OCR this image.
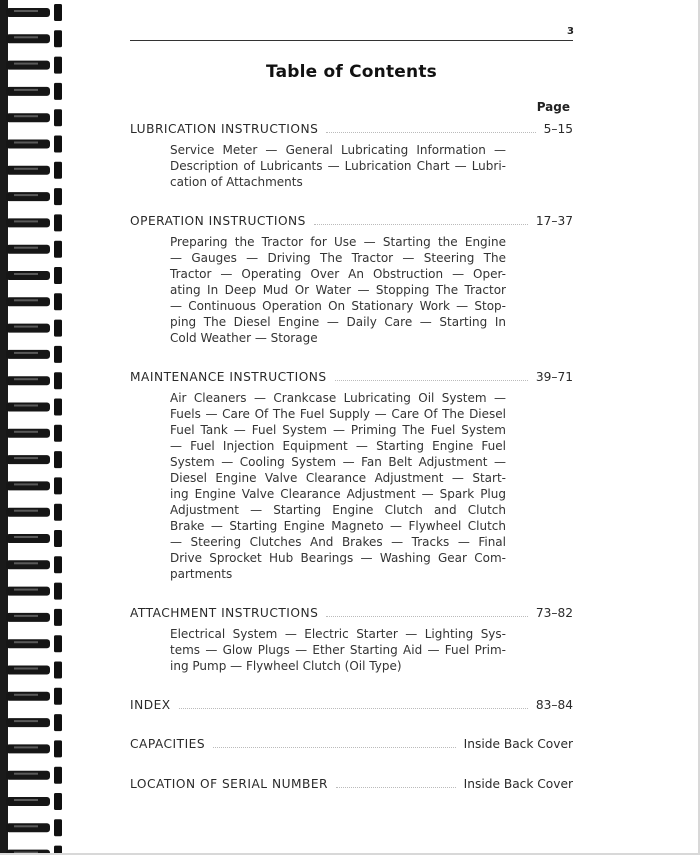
3
Table of Contents
Page
LUBRICATION INSTRUCTIONS	5–15
Service Meter — General Lubricating Information —
Description of Lubricants — Lubrication Chart — Lubri-
cation of Attachments
OPERATION INSTRUCTIONS	17–37
Preparing the Tractor for Use — Starting the Engine
— Gauges — Driving The Tractor — Steering The
Tractor — Operating Over An Obstruction — Oper-
ating In Deep Mud Or Water — Stopping The Tractor
— Continuous Operation On Stationary Work — Stop-
ping The Diesel Engine — Daily Care — Starting In
Cold Weather — Storage
MAINTENANCE INSTRUCTIONS	39–71
Air Cleaners — Crankcase Lubricating Oil System —
Fuels — Care Of The Fuel Supply — Care Of The Diesel
Fuel Tank — Fuel System — Priming The Fuel System
— Fuel Injection Equipment — Starting Engine Fuel
System — Cooling System — Fan Belt Adjustment —
Diesel Engine Valve Clearance Adjustment — Start-
ing Engine Valve Clearance Adjustment — Spark Plug
Adjustment — Starting Engine Clutch and Clutch
Brake — Starting Engine Magneto — Flywheel Clutch
— Steering Clutches And Brakes — Tracks — Final
Drive Sprocket Hub Bearings — Washing Gear Com-
partments
ATTACHMENT INSTRUCTIONS	73–82
Electrical System — Electric Starter — Lighting Sys-
tems — Glow Plugs — Ether Starting Aid — Fuel Prim-
ing Pump — Flywheel Clutch (Oil Type)
INDEX	83–84
CAPACITIES	Inside Back Cover
LOCATION OF SERIAL NUMBER	Inside Back Cover
